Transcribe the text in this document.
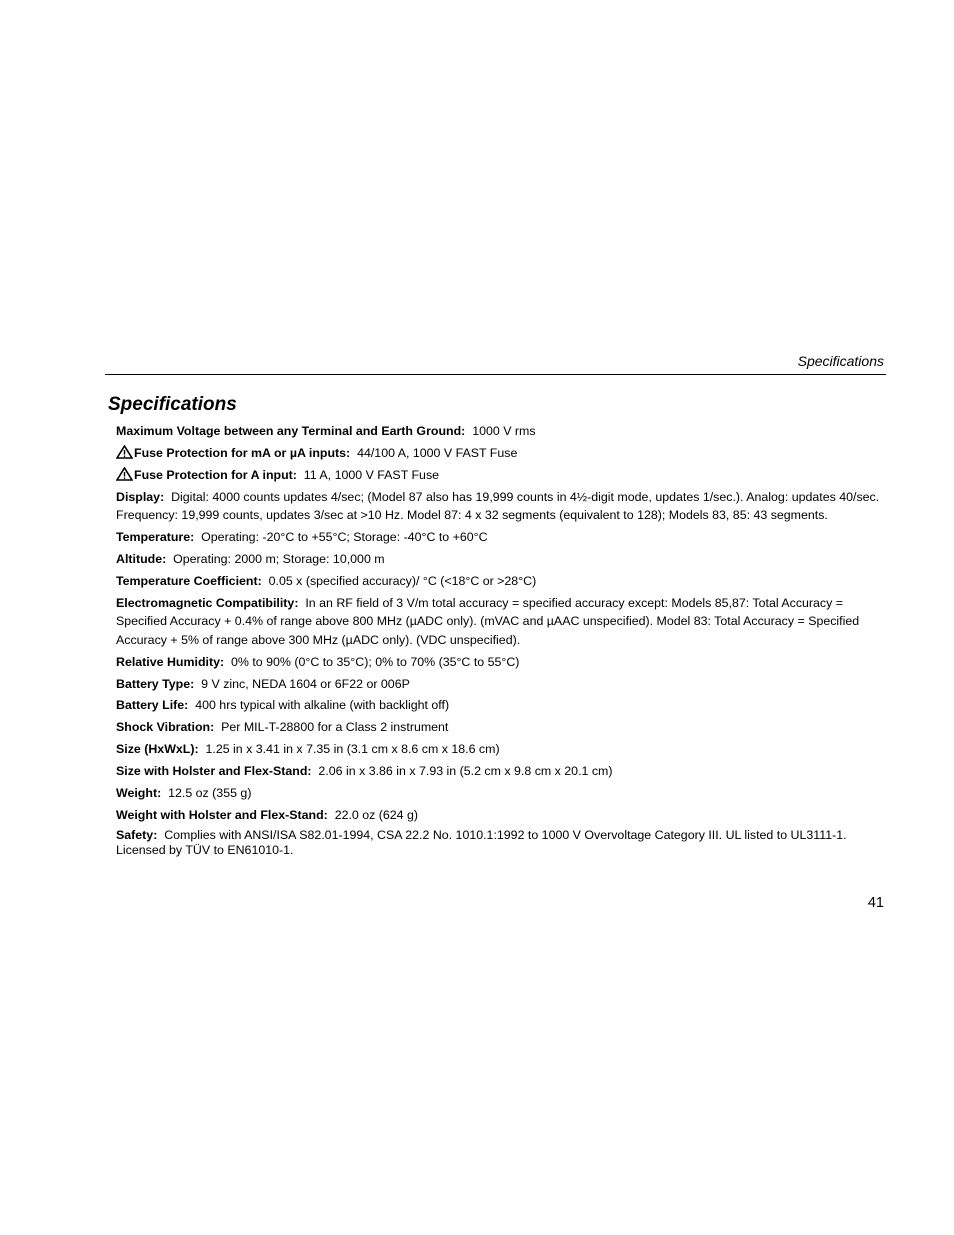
Specifications
Specifications

Maximum Voltage between any Terminal and Earth Ground: 1000 V rms

Fuse Protection for mA or µA inputs: 44/100 A, 1000 V FAST Fuse

Fuse Protection for A input: 11 A, 1000 V FAST Fuse

Display: Digital: 4000 counts updates 4/sec; (Model 87 also has 19,999 counts in 4½-digit mode, updates 1/sec.). Analog: updates 40/sec. Frequency: 19,999 counts, updates 3/sec at >10 Hz. Model 87: 4 x 32 segments (equivalent to 128); Models 83, 85: 43 segments.

Temperature: Operating: -20°C to +55°C; Storage: -40°C to +60°C

Altitude: Operating: 2000 m; Storage: 10,000 m

Temperature Coefficient: 0.05 x (specified accuracy)/ °C (<18°C or >28°C)

Electromagnetic Compatibility: In an RF field of 3 V/m total accuracy = specified accuracy except: Models 85,87: Total Accuracy = Specified Accuracy + 0.4% of range above 800 MHz (µADC only). (mVAC and µAAC unspecified). Model 83: Total Accuracy = Specified Accuracy + 5% of range above 300 MHz (µADC only). (VDC unspecified).

Relative Humidity: 0% to 90% (0°C to 35°C); 0% to 70% (35°C to 55°C)

Battery Type: 9 V zinc, NEDA 1604 or 6F22 or 006P

Battery Life: 400 hrs typical with alkaline (with backlight off)

Shock Vibration: Per MIL-T-28800 for a Class 2 instrument

Size (HxWxL): 1.25 in x 3.41 in x 7.35 in (3.1 cm x 8.6 cm x 18.6 cm)

Size with Holster and Flex-Stand: 2.06 in x 3.86 in x 7.93 in (5.2 cm x 9.8 cm x 20.1 cm)

Weight: 12.5 oz (355 g)

Weight with Holster and Flex-Stand: 22.0 oz (624 g)

Safety: Complies with ANSI/ISA S82.01-1994, CSA 22.2 No. 1010.1:1992 to 1000 V Overvoltage Category III. UL listed to UL3111-1. Licensed by TÜV to EN61010-1.

41
